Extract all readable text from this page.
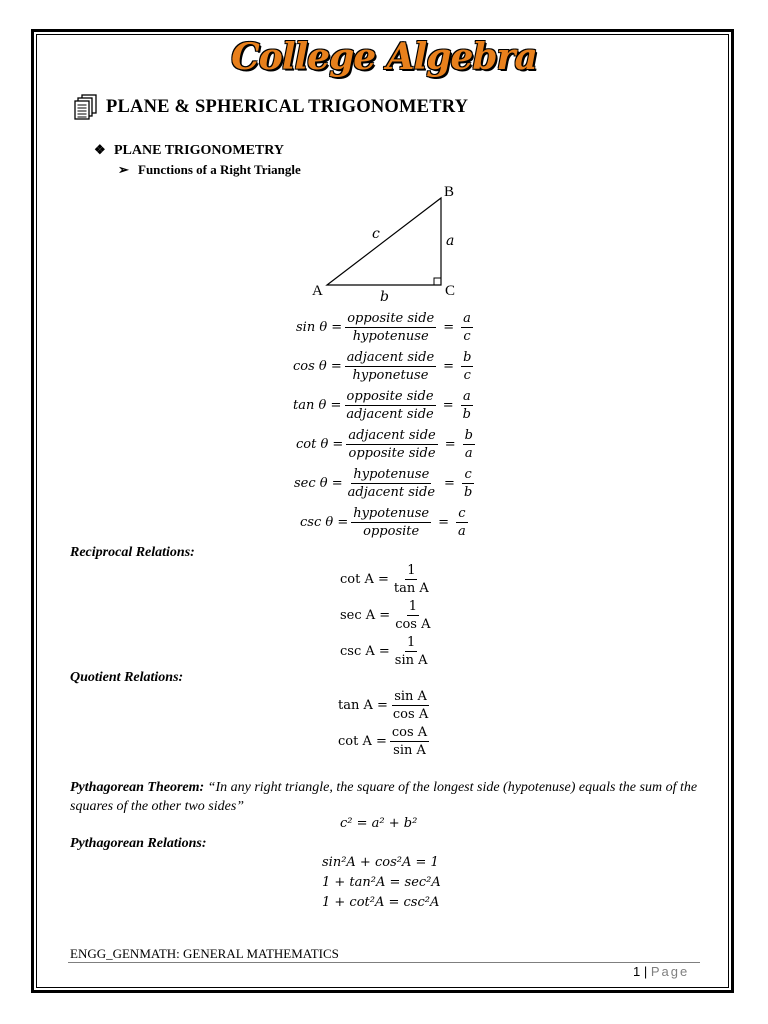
College Algebra
PLANE & SPHERICAL TRIGONOMETRY
❖ PLANE TRIGONOMETRY
➢ Functions of a Right Triangle
A
B
C
c	a
b
$\sin \theta = \frac{\text{opposite side}}{\text{hypotenuse}} = \frac{a}{c}$
$\cos \theta = \frac{\text{adjacent side}}{\text{hyponetuse}} = \frac{b}{c}$
$\tan \theta = \frac{\text{opposite side}}{\text{adjacent side}} = \frac{a}{b}$
$\cot \theta = \frac{\text{adjacent side}}{\text{opposite side}} = \frac{b}{a}$
$\sec \theta = \frac{\text{hypotenuse}}{\text{adjacent side}} = \frac{c}{b}$
$\csc \theta = \frac{\text{hypotenuse}}{\text{opposite}} = \frac{c}{a}$
Reciprocal Relations:
$\cot A = \frac{1}{\text{tan A}}$
$\sec A = \frac{1}{\text{cos A}}$
$\csc A = \frac{1}{\text{sin A}}$
Quotient Relations:
$\tan A = \frac{\text{sin A}}{\text{cos A}}$
$\cot A = \frac{\text{cos A}}{\text{sin A}}$
Pythagorean Theorem: “In any right triangle, the square of the longest side (hypotenuse) equals the sum of the squares of the other two sides”
c² = a² + b²
Pythagorean Relations:
sin²A + cos²A = 1
1 + tan²A = sec²A
1 + cot²A = csc²A
ENGG_GENMATH: GENERAL MATHEMATICS
1 | Page
